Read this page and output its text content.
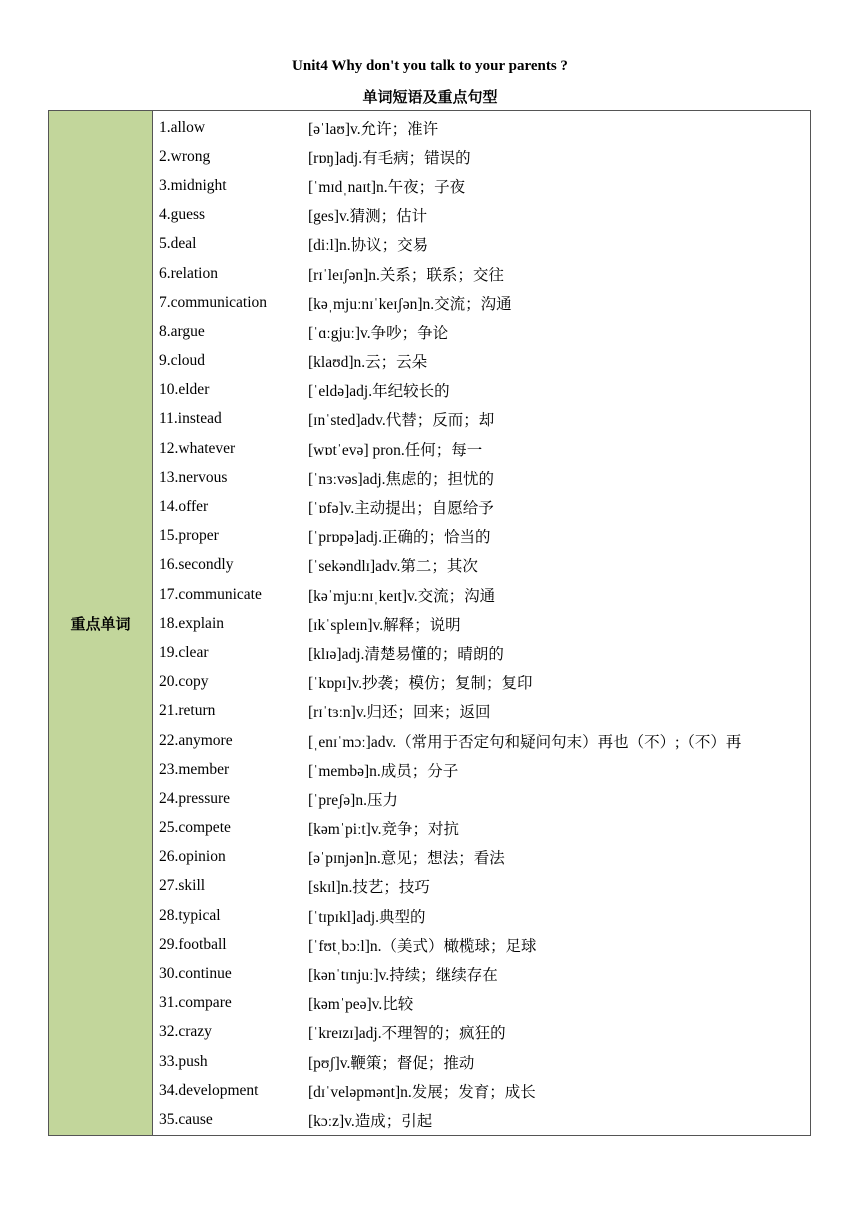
Unit4 Why don't you talk to your parents ?
单词短语及重点句型
重点单词
1.allow	[əˈlaʊ]v.允许；准许
2.wrong	[rɒŋ]adj.有毛病；错误的
3.midnight	[ˈmɪdˌnaɪt]n.午夜；子夜
4.guess	[ges]v.猜测；估计
5.deal	[diːl]n.协议；交易
6.relation	[rɪˈleɪʃən]n.关系；联系；交往
7.communication	[kəˌmjuːnɪˈkeɪʃən]n.交流；沟通
8.argue	[ˈɑːgjuː]v.争吵；争论
9.cloud	[klaʊd]n.云；云朵
10.elder	[ˈeldə]adj.年纪较长的
11.instead	[ɪnˈsted]adv.代替；反而；却
12.whatever	[wɒtˈevə] pron.任何；每一
13.nervous	[ˈnɜːvəs]adj.焦虑的；担忧的
14.offer	[ˈɒfə]v.主动提出；自愿给予
15.proper	[ˈprɒpə]adj.正确的；恰当的
16.secondly	[ˈsekəndlɪ]adv.第二；其次
17.communicate	[kəˈmjuːnɪˌkeɪt]v.交流；沟通
18.explain	[ɪkˈspleɪn]v.解释；说明
19.clear	[klɪə]adj.清楚易懂的；晴朗的
20.copy	[ˈkɒpɪ]v.抄袭；模仿；复制；复印
21.return	[rɪˈtɜːn]v.归还；回来；返回
22.anymore	[ˌenɪˈmɔː]adv.（常用于否定句和疑问句末）再也（不）;（不）再
23.member	[ˈmembə]n.成员；分子
24.pressure	[ˈpreʃə]n.压力
25.compete	[kəmˈpiːt]v.竞争；对抗
26.opinion	[əˈpɪnjən]n.意见；想法；看法
27.skill	[skɪl]n.技艺；技巧
28.typical	[ˈtɪpɪkl]adj.典型的
29.football	[ˈfʊtˌbɔːl]n.（美式）橄榄球；足球
30.continue	[kənˈtɪnjuː]v.持续；继续存在
31.compare	[kəmˈpeə]v.比较
32.crazy	[ˈkreɪzɪ]adj.不理智的；疯狂的
33.push	[pʊʃ]v.鞭策；督促；推动
34.development	[dɪˈveləpmənt]n.发展；发育；成长
35.cause	[kɔːz]v.造成；引起
